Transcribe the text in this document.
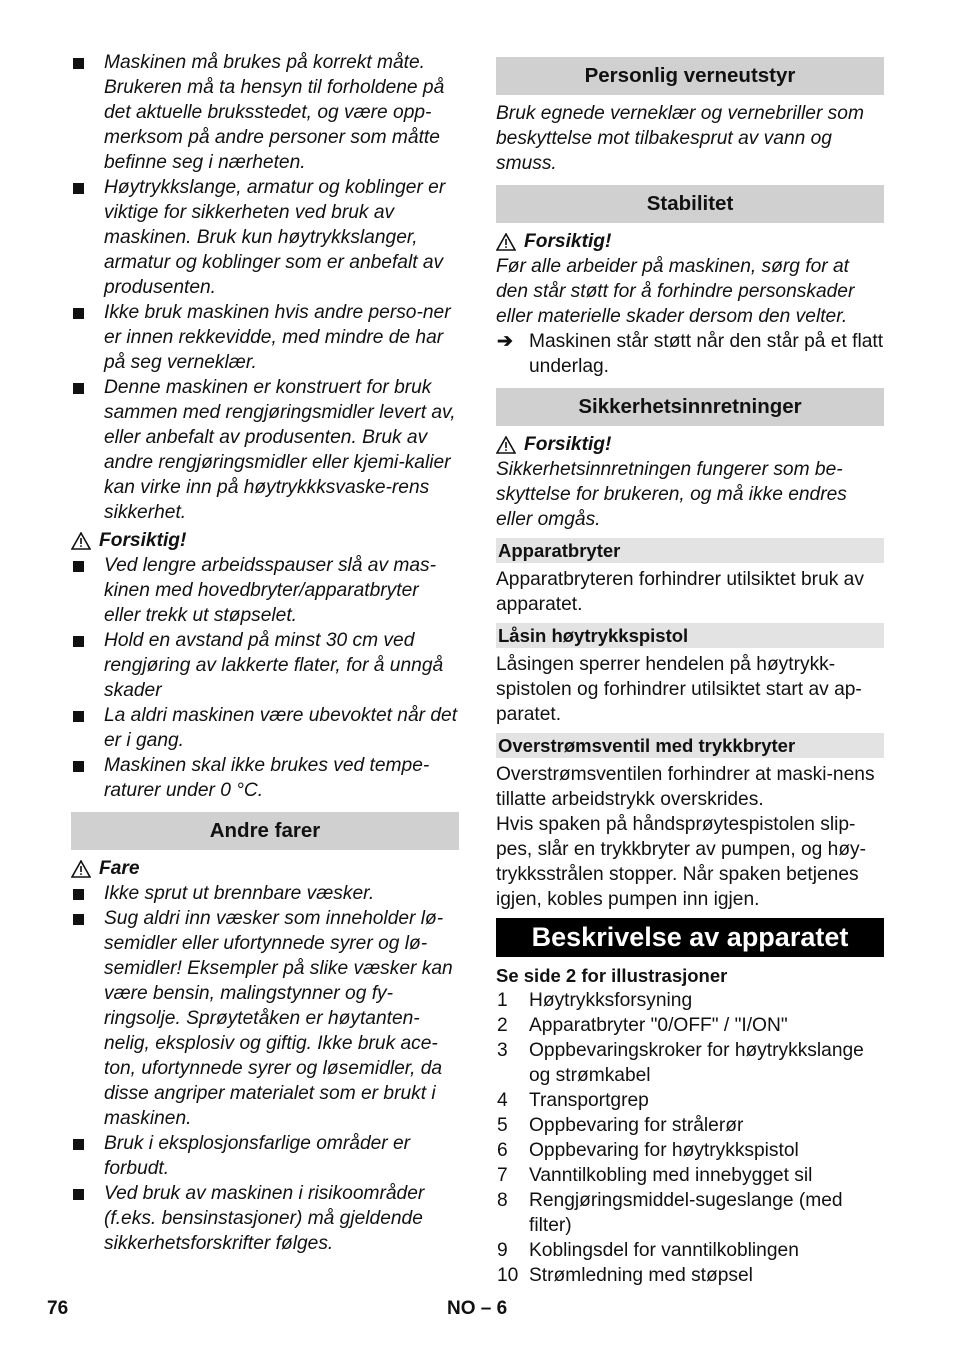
Maskinen må brukes på korrekt måte. Brukeren må ta hensyn til forholdene på det aktuelle bruksstedet, og være opp-merksom på andre personer som måtte befinne seg i nærheten.
Høytrykkslange, armatur og koblinger er viktige for sikkerheten ved bruk av maskinen. Bruk kun høytrykkslanger, armatur og koblinger som er anbefalt av produsenten.
Ikke bruk maskinen hvis andre perso-ner er innen rekkevidde, med mindre de har på seg verneklær.
Denne maskinen er konstruert for bruk sammen med rengjøringsmidler levert av, eller anbefalt av produsenten. Bruk av andre rengjøringsmidler eller kjemi-kalier kan virke inn på høytrykkksvaske-rens sikkerhet.
Forsiktig!
Ved lengre arbeidsspauser slå av mas-kinen med hovedbryter/apparatbryter eller trekk ut støpselet.
Hold en avstand på minst 30 cm ved rengjøring av lakkerte flater, for å unngå skader
La aldri maskinen være ubevoktet når det er i gang.
Maskinen skal ikke brukes ved tempe-raturer under 0 °C.
Andre farer
Fare
Ikke sprut ut brennbare væsker.
Sug aldri inn væsker som inneholder lø-semidler eller ufortynnede syrer og lø-semidler! Eksempler på slike væsker kan være bensin, malingstynner og fy-ringsolje. Sprøytetåken er høytanten-nelig, eksplosiv og giftig. Ikke bruk ace-ton, ufortynnede syrer og løsemidler, da disse angriper materialet som er brukt i maskinen.
Bruk i eksplosjonsfarlige områder er forbudt.
Ved bruk av maskinen i risikoområder (f.eks. bensinstasjoner) må gjeldende sikkerhetsforskrifter følges.
Personlig verneutstyr

Bruk egnede verneklær og vernebriller som beskyttelse mot tilbakesprut av vann og smuss.

Stabilitet
Forsiktig!

Før alle arbeider på maskinen, sørg for at den står støtt for å forhindre personskader eller materielle skader dersom den velter.

➔ Maskinen står støtt når den står på et flatt underlag.
Sikkerhetsinnretninger
Forsiktig!

Sikkerhetsinnretningen fungerer som be-skyttelse for brukeren, og må ikke endres eller omgås.

Apparatbryter

Apparatbryteren forhindrer utilsiktet bruk av apparatet.

Låsin høytrykkspistol

Låsingen sperrer hendelen på høytrykk-spistolen og forhindrer utilsiktet start av ap-paratet.

Overstrømsventil med trykkbryter

Overstrømsventilen forhindrer at maski-nens tillatte arbeidstrykk overskrides.

Hvis spaken på håndsprøytespistolen slip-pes, slår en trykkbryter av pumpen, og høy-trykksstrålen stopper. Når spaken betjenes igjen, kobles pumpen inn igjen.

Beskrivelse av apparatet

Se side 2 for illustrasjoner

1 Høytrykksforsyning
2 Apparatbryter "0/OFF" / "I/ON"
3 Oppbevaringskroker for høytrykkslange og strømkabel
4 Transportgrep
5 Oppbevaring for strålerør
6 Oppbevaring for høytrykkspistol
7 Vanntilkobling med innebygget sil
8 Rengjøringsmiddel-sugeslange (med filter)
9 Koblingsdel for vanntilkoblingen
10 Strømledning med støpsel
76	NO – 6
